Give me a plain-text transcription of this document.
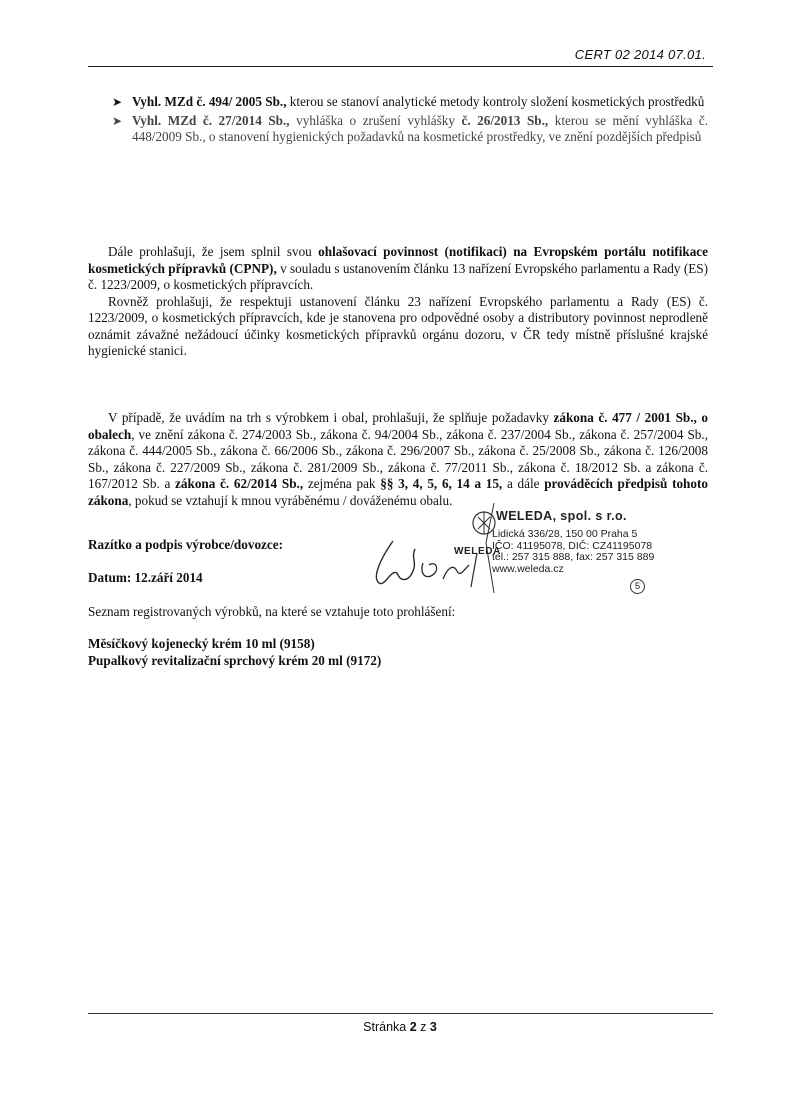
CERT 02 2014 07.01.

➤ Vyhl. MZd č. 494/ 2005 Sb., kterou se stanoví analytické metody kontroly složení kosmetických prostředků

➤ Vyhl. MZd č. 27/2014 Sb., vyhláška o zrušení vyhlášky č. 26/2013 Sb., kterou se mění vyhláška č. 448/2009 Sb., o stanovení hygienických požadavků na kosmetické prostředky, ve znění pozdějších předpisů

Dále prohlašuji, že jsem splnil svou ohlašovací povinnost (notifikaci) na Evropském portálu notifikace kosmetických přípravků (CPNP), v souladu s ustanovením článku 13 nařízení Evropského parlamentu a Rady (ES) č. 1223/2009, o kosmetických přípravcích.

Rovněž prohlašuji, že respektuji ustanovení článku 23 nařízení Evropského parlamentu a Rady (ES) č. 1223/2009, o kosmetických přípravcích, kde je stanovena pro odpovědné osoby a distributory povinnost neprodleně oznámit závažné nežádoucí účinky kosmetických přípravků orgánu dozoru, v ČR tedy místně příslušné krajské hygienické stanici.

V případě, že uvádím na trh s výrobkem i obal, prohlašuji, že splňuje požadavky zákona č. 477 / 2001 Sb., o obalech, ve znění zákona č. 274/2003 Sb., zákona č. 94/2004 Sb., zákona č. 237/2004 Sb., zákona č. 257/2004 Sb., zákona č. 444/2005 Sb., zákona č. 66/2006 Sb., zákona č. 296/2007 Sb., zákona č. 25/2008 Sb., zákona č. 126/2008 Sb., zákona č. 227/2009 Sb., zákona č. 281/2009 Sb., zákona č. 77/2011 Sb., zákona č. 18/2012 Sb. a zákona č. 167/2012 Sb. a zákona č. 62/2014 Sb., zejména pak §§ 3, 4, 5, 6, 14 a 15, a dále prováděcích předpisů tohoto zákona, pokud se vztahují k mnou vyráběnému / dováženému obalu.

Razítko a podpis výrobce/dovozce:
Datum: 12.září 2014
WELEDA, spol. s r.o.
WELEDA
Lidická 336/28, 150 00 Praha 5
IČO: 41195078, DIČ: CZ41195078
tel.: 257 315 888, fax: 257 315 889
www.weleda.cz
5
Seznam registrovaných výrobků, na které se vztahuje toto prohlášení:
Měsíčkový kojenecký krém 10 ml (9158)
Pupalkový revitalizační sprchový krém 20 ml (9172)
Stránka 2 z 3
